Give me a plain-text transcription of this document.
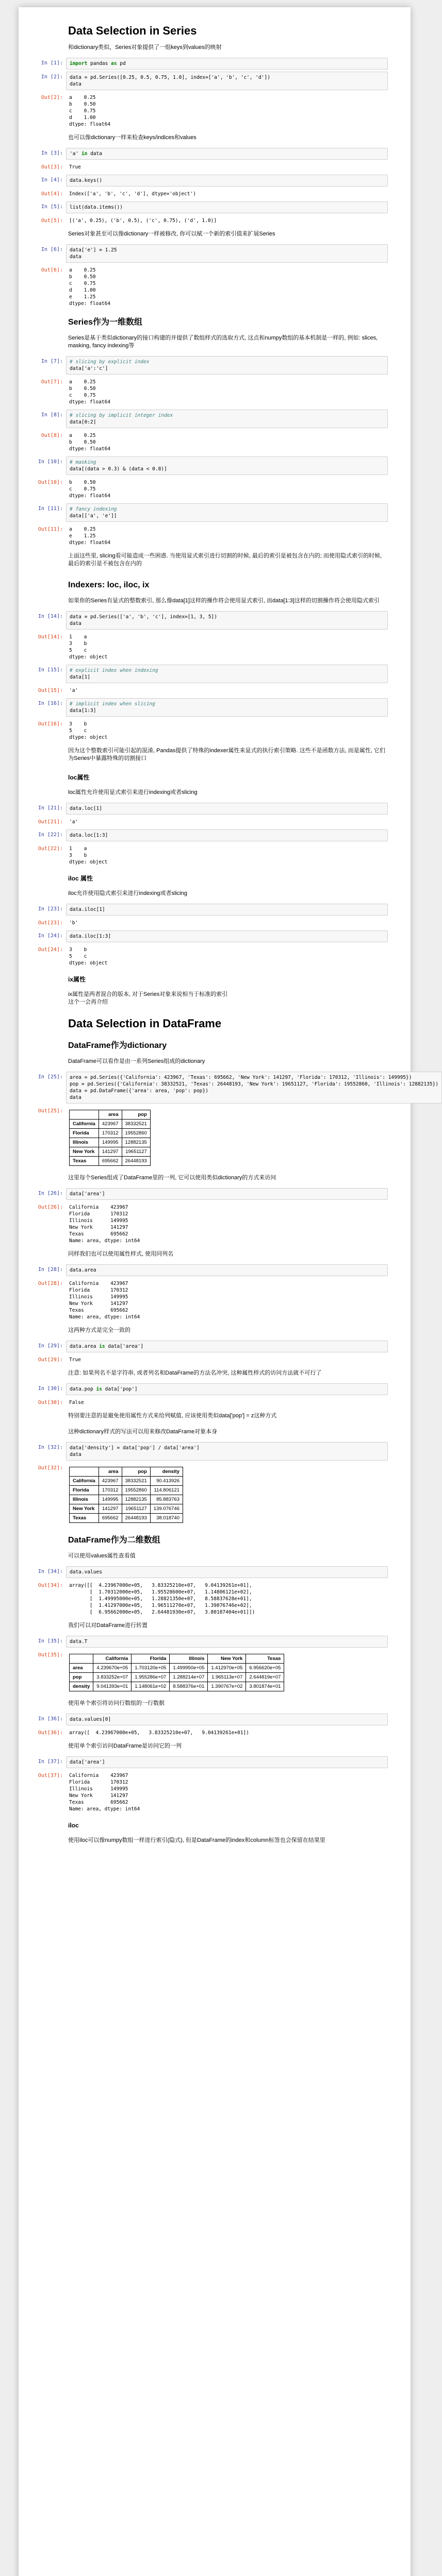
Data Selection in Series

和dictionary类似，Series对象提供了一组keys到values的映射

In [1]:	import pandas as pd
In [2]:	data = pd.Series([0.25, 0.5, 0.75, 1.0], index=['a', 'b', 'c', 'd'])
data
Out[2]:	a    0.25
b    0.50
c    0.75
d    1.00
dtype: float64

也可以像dictionary一样来检查keys/indices和values

In [3]:	'a' in data
Out[3]:	True
In [4]:	data.keys()
Out[4]:	Index(['a', 'b', 'c', 'd'], dtype='object')
In [5]:	list(data.items())
Out[5]:	[('a', 0.25), ('b', 0.5), ('c', 0.75), ('d', 1.0)]

Series对象甚至可以像dictionary一样被修改, 你可以赋一个新的索引值来扩展Series

In [6]:	data['e'] = 1.25
data
Out[6]:	a    0.25
b    0.50
c    0.75
d    1.00
e    1.25
dtype: float64
Series作为一维数组

Series是基于类似dictionary的接口构建的并提供了数组样式的选取方式, 这点和numpy数组的基本机制是一样的, 例如: slices, masking, fancy indexing等

In [7]:	# slicing by explicit index
data['a':'c']
Out[7]:	a    0.25
b    0.50
c    0.75
dtype: float64
In [8]:	# slicing by implicit integer index
data[0:2]
Out[8]:	a    0.25
b    0.50
dtype: float64
In [10]:	# masking
data[(data > 0.3) & (data < 0.8)]
Out[10]:	b    0.50
c    0.75
dtype: float64
In [11]:	# fancy indexing
data[['a', 'e']]
Out[11]:	a    0.25
e    1.25
dtype: float64

上面这些里, slicing看可能造成一些困惑. 当使用显式索引进行切割的时候, 最后的索引是被包含在内的; 而使用隐式索引的时候, 最后的索引是不被包含在内的

Indexers: loc, iloc, ix

如果你的Series有显式的整数索引, 那么像data[1]这样的操作将会使用显式索引, 而data[1:3]这样的切割操作将会使用隐式索引

In [14]:	data = pd.Series(['a', 'b', 'c'], index=[1, 3, 5])
data
Out[14]:	1    a
3    b
5    c
dtype: object
In [15]:	# explicit index when indexing
data[1]
Out[15]:	'a'
In [16]:	# implicit index when slicing
data[1:3]
Out[16]:	3    b
5    c
dtype: object

因为这个整数索引可能引起的混淆, Pandas提供了特殊的indexer属性来显式的执行索引策略. 这些不是函数方法, 而是属性, 它们为Series中暴露特殊的切割接口

loc属性

loc属性允许使用显式索引来进行indexing或者slicing

In [21]:	data.loc[1]
Out[21]:	'a'
In [22]:	data.loc[1:3]
Out[22]:	1    a
3    b
dtype: object
iloc 属性

iloc允许使用隐式索引来进行indexing或者slicing

In [23]:	data.iloc[1]
Out[23]:	'b'
In [24]:	data.iloc[1:3]
Out[24]:	3    b
5    c
dtype: object
ix属性

ix属性是两者混合的版本, 对于Series对象来说相当于标准的索引
这个一会再介绍

Data Selection in DataFrame
DataFrame作为dictionary

DataFrame可以看作是由一系列Series组成的dictionary

In [25]:	area = pd.Series({'California': 423967, 'Texas': 695662, 'New York': 141297, 'Florida': 170312, 'Illinois': 149995})
pop = pd.Series({'California': 38332521, 'Texas': 26448193, 'New York': 19651127, 'Florida': 19552860, 'Illinois': 12882135})
data = pd.DataFrame({'area': area, 'pop': pop})
data
Out[25]:
	area	pop
California	423967	38332521
Florida	170312	19552860
Illinois	149995	12882135
New York	141297	19651127
Texas	695662	26448193

这里每个Series组成了DataFrame里的一列, 它可以使用类似dictionary的方式来访问

In [26]:	data['area']
Out[26]:	California    423967
Florida       170312
Illinois      149995
New York      141297
Texas         695662
Name: area, dtype: int64

同样我们也可以使用属性样式, 使用同列名

In [28]:	data.area
Out[28]:	California    423967
Florida       170312
Illinois      149995
New York      141297
Texas         695662
Name: area, dtype: int64

这两种方式是完全一致的

In [29]:	data.area is data['area']
Out[29]:	True

注意: 如果列名不是字符串, 或者列名和DataFrame的方法名冲突, 这种属性样式的访问方法就不可行了

In [30]:	data.pop is data['pop']
Out[30]:	False

特别要注意的是避免使用属性方式来给列赋值, 应该使用类似data['pop'] = z这种方式

这种dictionary样式的写法可以用来修改DataFrame对象本身

In [32]:	data['density'] = data['pop'] / data['area']
data
Out[32]:
	area	pop	density
California	423967	38332521	90.413926
Florida	170312	19552860	114.806121
Illinois	149995	12882135	85.883763
New York	141297	19651127	139.076746
Texas	695662	26448193	38.018740
DataFrame作为二维数组

可以使用values属性查看值

In [34]:	data.values
Out[34]:	array([[  4.23967000e+05,   3.83325210e+07,   9.04139261e+01],
[  1.70312000e+05,   1.95528600e+07,   1.14806121e+02],
[  1.49995000e+05,   1.28821350e+07,   8.58837628e+01],
[  1.41297000e+05,   1.96511270e+07,   1.39076746e+02],
[  6.95662000e+05,   2.64481930e+07,   3.80187404e+01]])

我们可以对DataFrame进行转置

In [35]:	data.T
Out[35]:
	California	Florida	Illinois	New York	Texas
area	4.239670e+05	1.703120e+05	1.499950e+05	1.412970e+05	6.956620e+05
pop	3.833252e+07	1.955286e+07	1.288214e+07	1.965113e+07	2.644819e+07
density	9.041393e+01	1.148061e+02	8.588376e+01	1.390767e+02	3.801874e+01

使用单个索引将访问行数组的一行数据

In [36]:	data.values[0]
Out[36]:	array([  4.23967000e+05,   3.83325210e+07,   9.04139261e+01])

使用单个索引访问DataFrame是访问它的一列

In [37]:	data['area']
Out[37]:	California    423967
Florida       170312
Illinois      149995
New York      141297
Texas         695662
Name: area, dtype: int64
iloc

使用iloc可以像numpy数组一样进行索引(隐式), 但是DataFrame的index和column标签也会保留在结果里
